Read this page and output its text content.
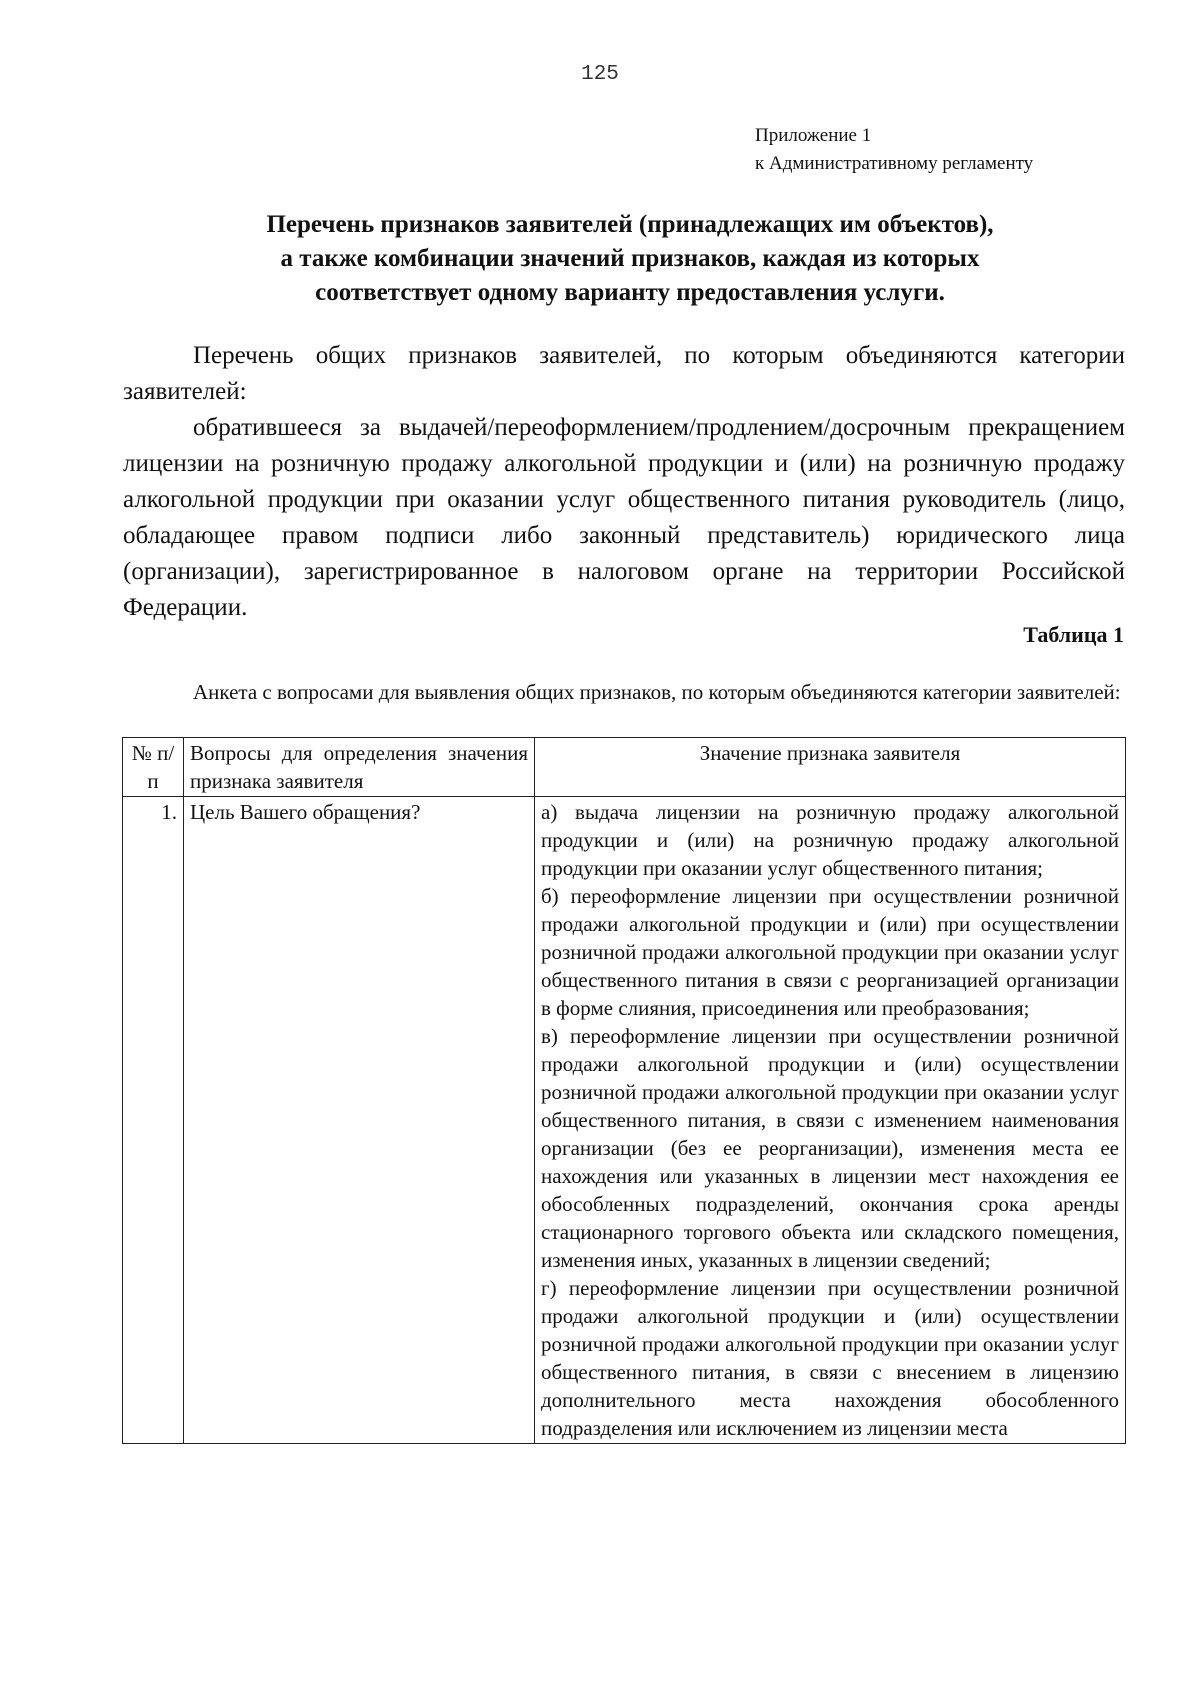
125
Приложение 1
к Административному регламенту
Перечень признаков заявителей (принадлежащих им объектов),
а также комбинации значений признаков, каждая из которых
соответствует одному варианту предоставления услуги.
Перечень общих признаков заявителей, по которым объединяются категории заявителей:
обратившееся за выдачей/переоформлением/продлением/досрочным прекращением лицензии на розничную продажу алкогольной продукции и (или) на розничную продажу алкогольной продукции при оказании услуг общественного питания руководитель (лицо, обладающее правом подписи либо законный представитель) юридического лица (организации), зарегистрированное в налоговом органе на территории Российской Федерации.
Таблица 1
Анкета с вопросами для выявления общих признаков, по которым объединяются категории заявителей:
№ п/п	Вопросы для определения значения признака заявителя	Значение признака заявителя
1.	Цель Вашего обращения?	а) выдача лицензии на розничную продажу алкогольной продукции и (или) на розничную продажу алкогольной продукции при оказании услуг общественного питания;
б) переоформление лицензии при осуществлении розничной продажи алкогольной продукции и (или) при осуществлении розничной продажи алкогольной продукции при оказании услуг общественного питания в связи с реорганизацией организации в форме слияния, присоединения или преобразования;
в) переоформление лицензии при осуществлении розничной продажи алкогольной продукции и (или) осуществлении розничной продажи алкогольной продукции при оказании услуг общественного питания, в связи с изменением наименования организации (без ее реорганизации), изменения места ее нахождения или указанных в лицензии мест нахождения ее обособленных подразделений, окончания срока аренды стационарного торгового объекта или складского помещения, изменения иных, указанных в лицензии сведений;
г) переоформление лицензии при осуществлении розничной продажи алкогольной продукции и (или) осуществлении розничной продажи алкогольной продукции при оказании услуг общественного питания, в связи с внесением в лицензию дополнительного места нахождения обособленного подразделения или исключением из лицензии места
